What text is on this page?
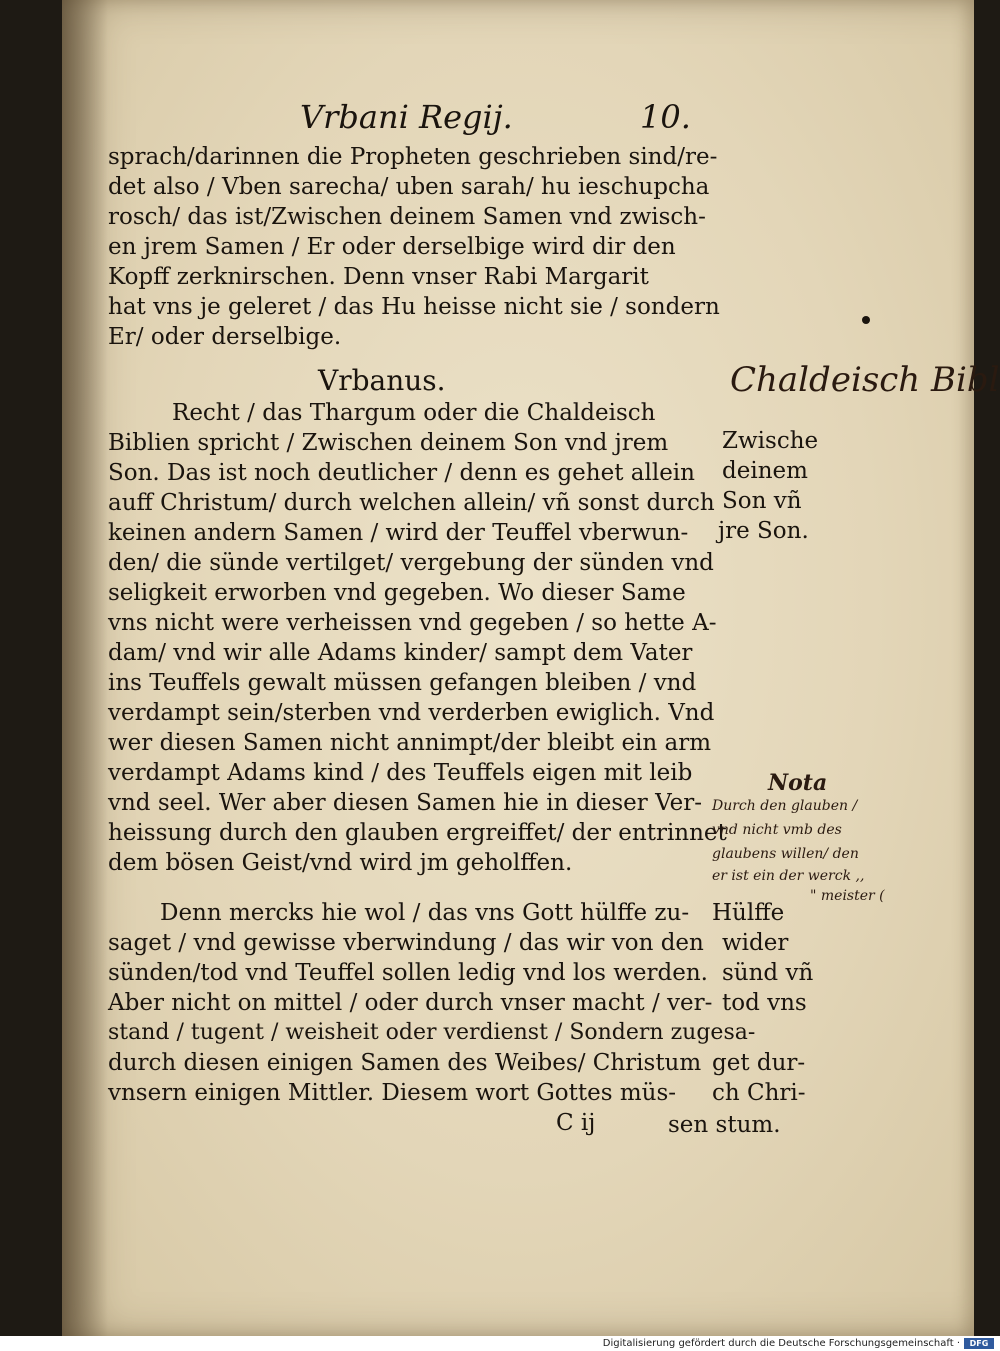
Vrbani Regij.	10.
sprach/darinnen die Propheten geschrieben sind/re-
det also / Vben sarecha/ uben sarah/ hu ieschupcha
rosch/ das ist/Zwischen deinem Samen vnd zwisch-
en jrem Samen / Er oder derselbige wird dir den
Kopff zerknirschen. Denn vnser Rabi Margarit
hat vns je geleret / das Hu heisse nicht sie / sondern
Er/ oder derselbige.
Vrbanus.
Recht / das Thargum oder die Chaldeisch
Biblien spricht / Zwischen deinem Son vnd jrem
Son. Das ist noch deutlicher / denn es gehet allein
auff Christum/ durch welchen allein/ vñ sonst durch
keinen andern Samen / wird der Teuffel vberwun-
den/ die sünde vertilget/ vergebung der sünden vnd
seligkeit erworben vnd gegeben. Wo dieser Same
vns nicht were verheissen vnd gegeben / so hette A-
dam/ vnd wir alle Adams kinder/ sampt dem Vater
ins Teuffels gewalt müssen gefangen bleiben / vnd
verdampt sein/sterben vnd verderben ewiglich. Vnd
wer diesen Samen nicht annimpt/der bleibt ein arm
verdampt Adams kind / des Teuffels eigen mit leib
vnd seel. Wer aber diesen Samen hie in dieser Ver-
heissung durch den glauben ergreiffet/ der entrinnet
dem bösen Geist/vnd wird jm geholffen.
Denn mercks hie wol / das vns Gott hülffe zu-
saget / vnd gewisse vberwindung / das wir von den
sünden/tod vnd Teuffel sollen ledig vnd los werden.
Aber nicht on mittel / oder durch vnser macht / ver-
stand / tugent / weisheit oder verdienst / Sondern zugesa-
durch diesen einigen Samen des Weibes/ Christum
vnsern einigen Mittler. Diesem wort Gottes müs-
C ij	sen stum.
Zwische
deinem
Son vñ
jre Son.
Hülffe
wider
sünd vñ
tod vns
get dur-
ch Chri-
Chaldeisch Bibl
Nota
Durch den glauben /
vnd nicht vmb des
glaubens willen/ den
er ist ein der werck ,,
" meister (
Digitalisierung gefördert durch die Deutsche Forschungsgemeinschaft ·	DFG
